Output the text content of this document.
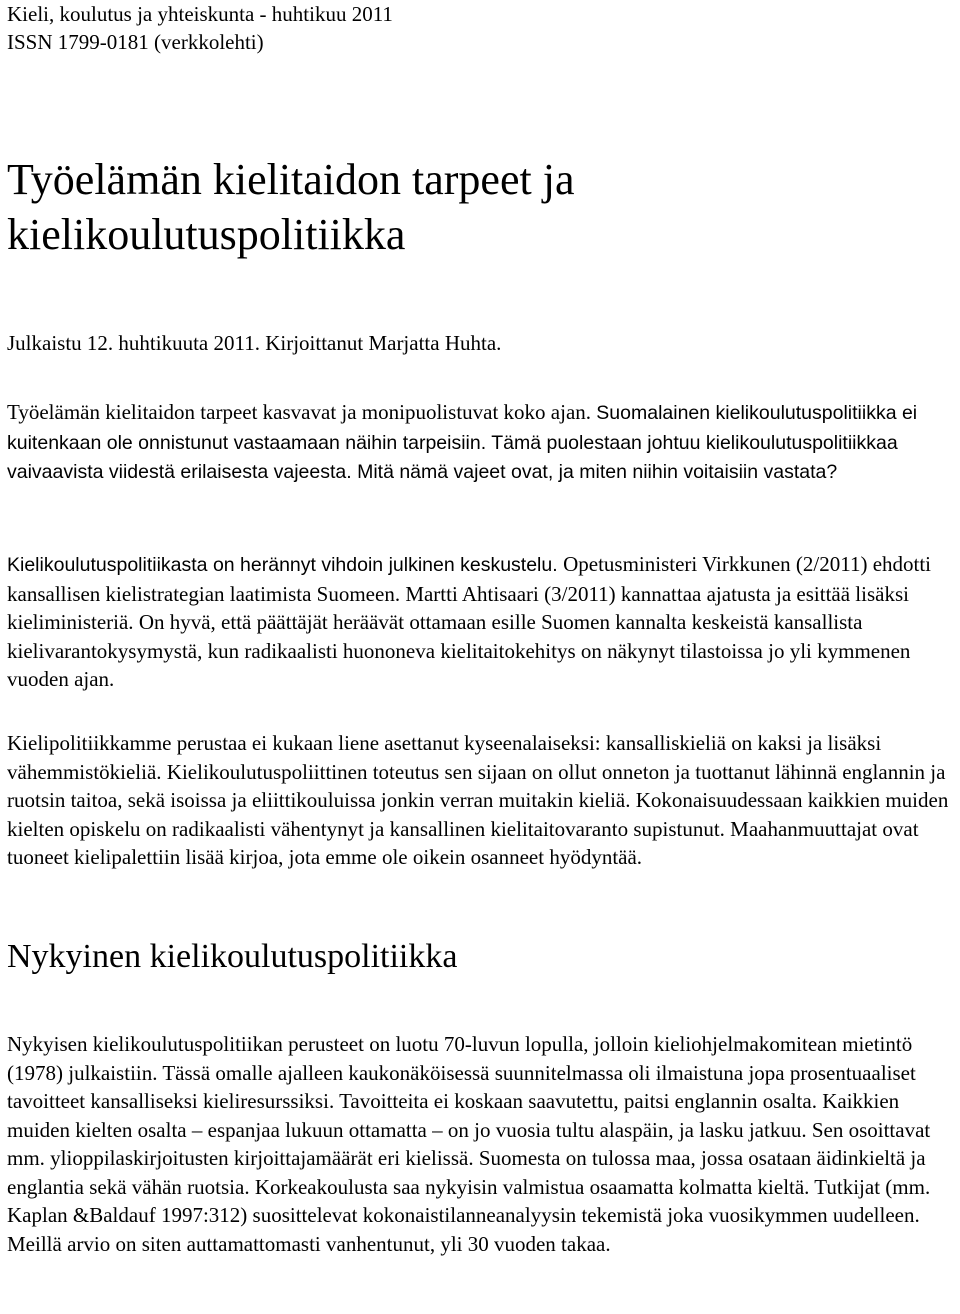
Kieli, koulutus ja yhteiskunta - huhtikuu 2011
ISSN 1799-0181 (verkkolehti)
Työelämän kielitaidon tarpeet ja kielikoulutuspolitiikka

Julkaistu 12. huhtikuuta 2011. Kirjoittanut Marjatta Huhta.

Työelämän kielitaidon tarpeet kasvavat ja monipuolistuvat koko ajan. Suomalainen kielikoulutuspolitiikka ei kuitenkaan ole onnistunut vastaamaan näihin tarpeisiin. Tämä puolestaan johtuu kielikoulutuspolitiikkaa vaivaavista viidestä erilaisesta vajeesta. Mitä nämä vajeet ovat, ja miten niihin voitaisiin vastata?

Kielikoulutuspolitiikasta on herännyt vihdoin julkinen keskustelu. Opetusministeri Virkkunen (2/2011) ehdotti kansallisen kielistrategian laatimista Suomeen. Martti Ahtisaari (3/2011) kannattaa ajatusta ja esittää lisäksi kieliministeriä. On hyvä, että päättäjät heräävät ottamaan esille Suomen kannalta keskeistä kansallista kielivarantokysymystä, kun radikaalisti huononeva kielitaitokehitys on näkynyt tilastoissa jo yli kymmenen vuoden ajan.

Kielipolitiikkamme perustaa ei kukaan liene asettanut kyseenalaiseksi: kansalliskieliä on kaksi ja lisäksi vähemmistökieliä. Kielikoulutuspoliittinen toteutus sen sijaan on ollut onneton ja tuottanut lähinnä englannin ja ruotsin taitoa, sekä isoissa ja eliittikouluissa jonkin verran muitakin kieliä. Kokonaisuudessaan kaikkien muiden kielten opiskelu on radikaalisti vähentynyt ja kansallinen kielitaitovaranto supistunut. Maahanmuuttajat ovat tuoneet kielipalettiin lisää kirjoa, jota emme ole oikein osanneet hyödyntää.

Nykyinen kielikoulutuspolitiikka

Nykyisen kielikoulutuspolitiikan perusteet on luotu 70-luvun lopulla, jolloin kieliohjelmakomitean mietintö (1978) julkaistiin. Tässä omalle ajalleen kaukonäköisessä suunnitelmassa oli ilmaistuna jopa prosentuaaliset tavoitteet kansalliseksi kieliresurssiksi. Tavoitteita ei koskaan saavutettu, paitsi englannin osalta. Kaikkien muiden kielten osalta – espanjaa lukuun ottamatta – on jo vuosia tultu alaspäin, ja lasku jatkuu. Sen osoittavat mm. ylioppilaskirjoitusten kirjoittajamäärät eri kielissä. Suomesta on tulossa maa, jossa osataan äidinkieltä ja englantia sekä vähän ruotsia. Korkeakoulusta saa nykyisin valmistua osaamatta kolmatta kieltä. Tutkijat (mm. Kaplan &Baldauf 1997:312) suosittelevat kokonaistilanneanalyysin tekemistä joka vuosikymmen uudelleen. Meillä arvio on siten auttamattomasti vanhentunut, yli 30 vuoden takaa.
